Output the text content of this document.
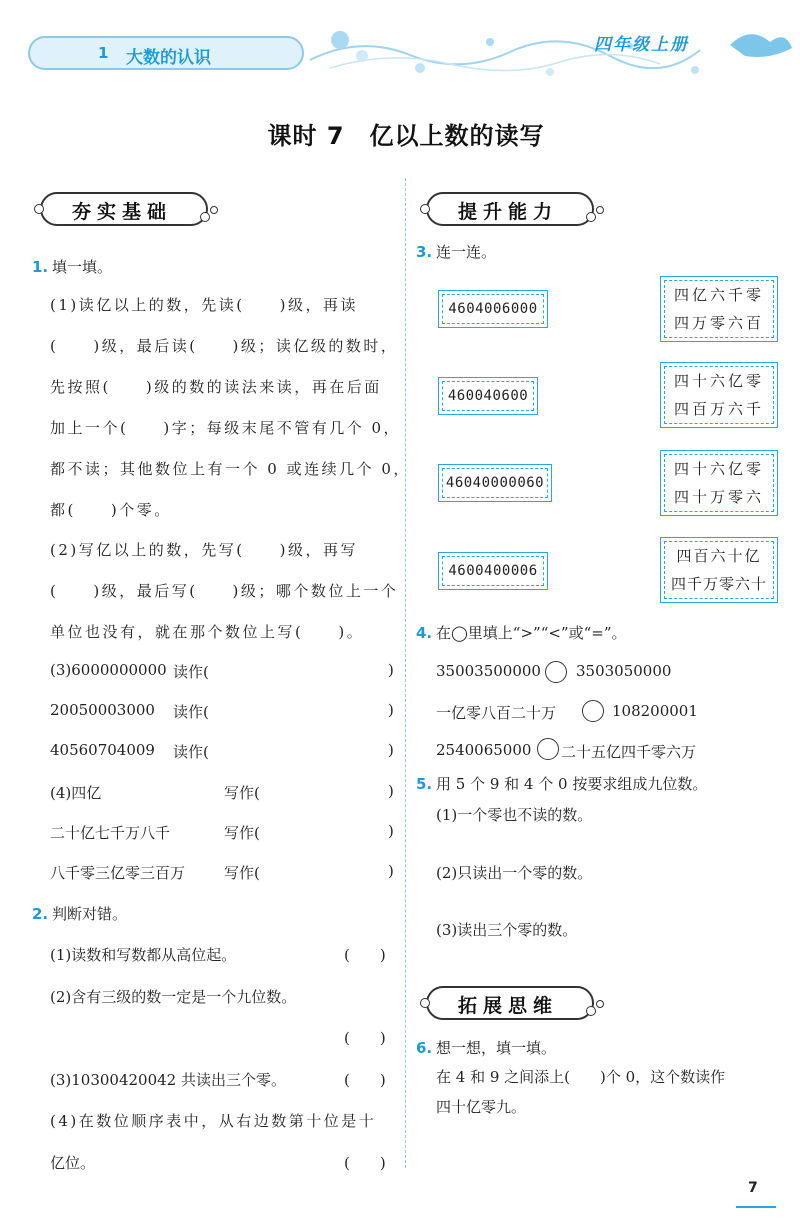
1 大数的认识
四年级上册
课时 7　亿以上数的读写
夯实基础
1. 填一填。
(1)读亿以上的数，先读(　　)级，再读
(　　)级，最后读(　　)级；读亿级的数时，
先按照(　　)级的数的读法来读，再在后面
加上一个(　　)字；每级末尾不管有几个 0，
都不读；其他数位上有一个 0 或连续几个 0，
都(　　)个零。
(2)写亿以上的数，先写(　　)级，再写
(　　)级，最后写(　　)级；哪个数位上一个
单位也没有，就在那个数位上写(　　)。
(3)6000000000 读作(	)
20050003000 读作(	)
40560704009 读作(	)
(4)四亿	写作(	)
二十亿七千万八千	写作(	)
八千零三亿零三百万	写作(	)
2. 判断对错。
(1)读数和写数都从高位起。	(　　)
(2)含有三级的数一定是一个九位数。
(　　)
(3)10300420042 共读出三个零。	(　　)
(4)在数位顺序表中，从右边数第十位是十
亿位。	(　　)
提升能力
3. 连一连。
4604006000
460040600
46040000060
4600400006
四亿六千零
四万零六百
四十六亿零
四百万六千
四十六亿零
四十万零六
四百六十亿
四千万零六十
4. 在◯里填上“>”“<”或“=”。
35003500000 3503050000
一亿零八百二十万	108200001
2540065000 二十五亿四千零六万
5. 用 5 个 9 和 4 个 0 按要求组成九位数。
(1)一个零也不读的数。
(2)只读出一个零的数。
(3)读出三个零的数。
拓展思维
6. 想一想，填一填。
在 4 和 9 之间添上(　　)个 0，这个数读作
四十亿零九。
7
